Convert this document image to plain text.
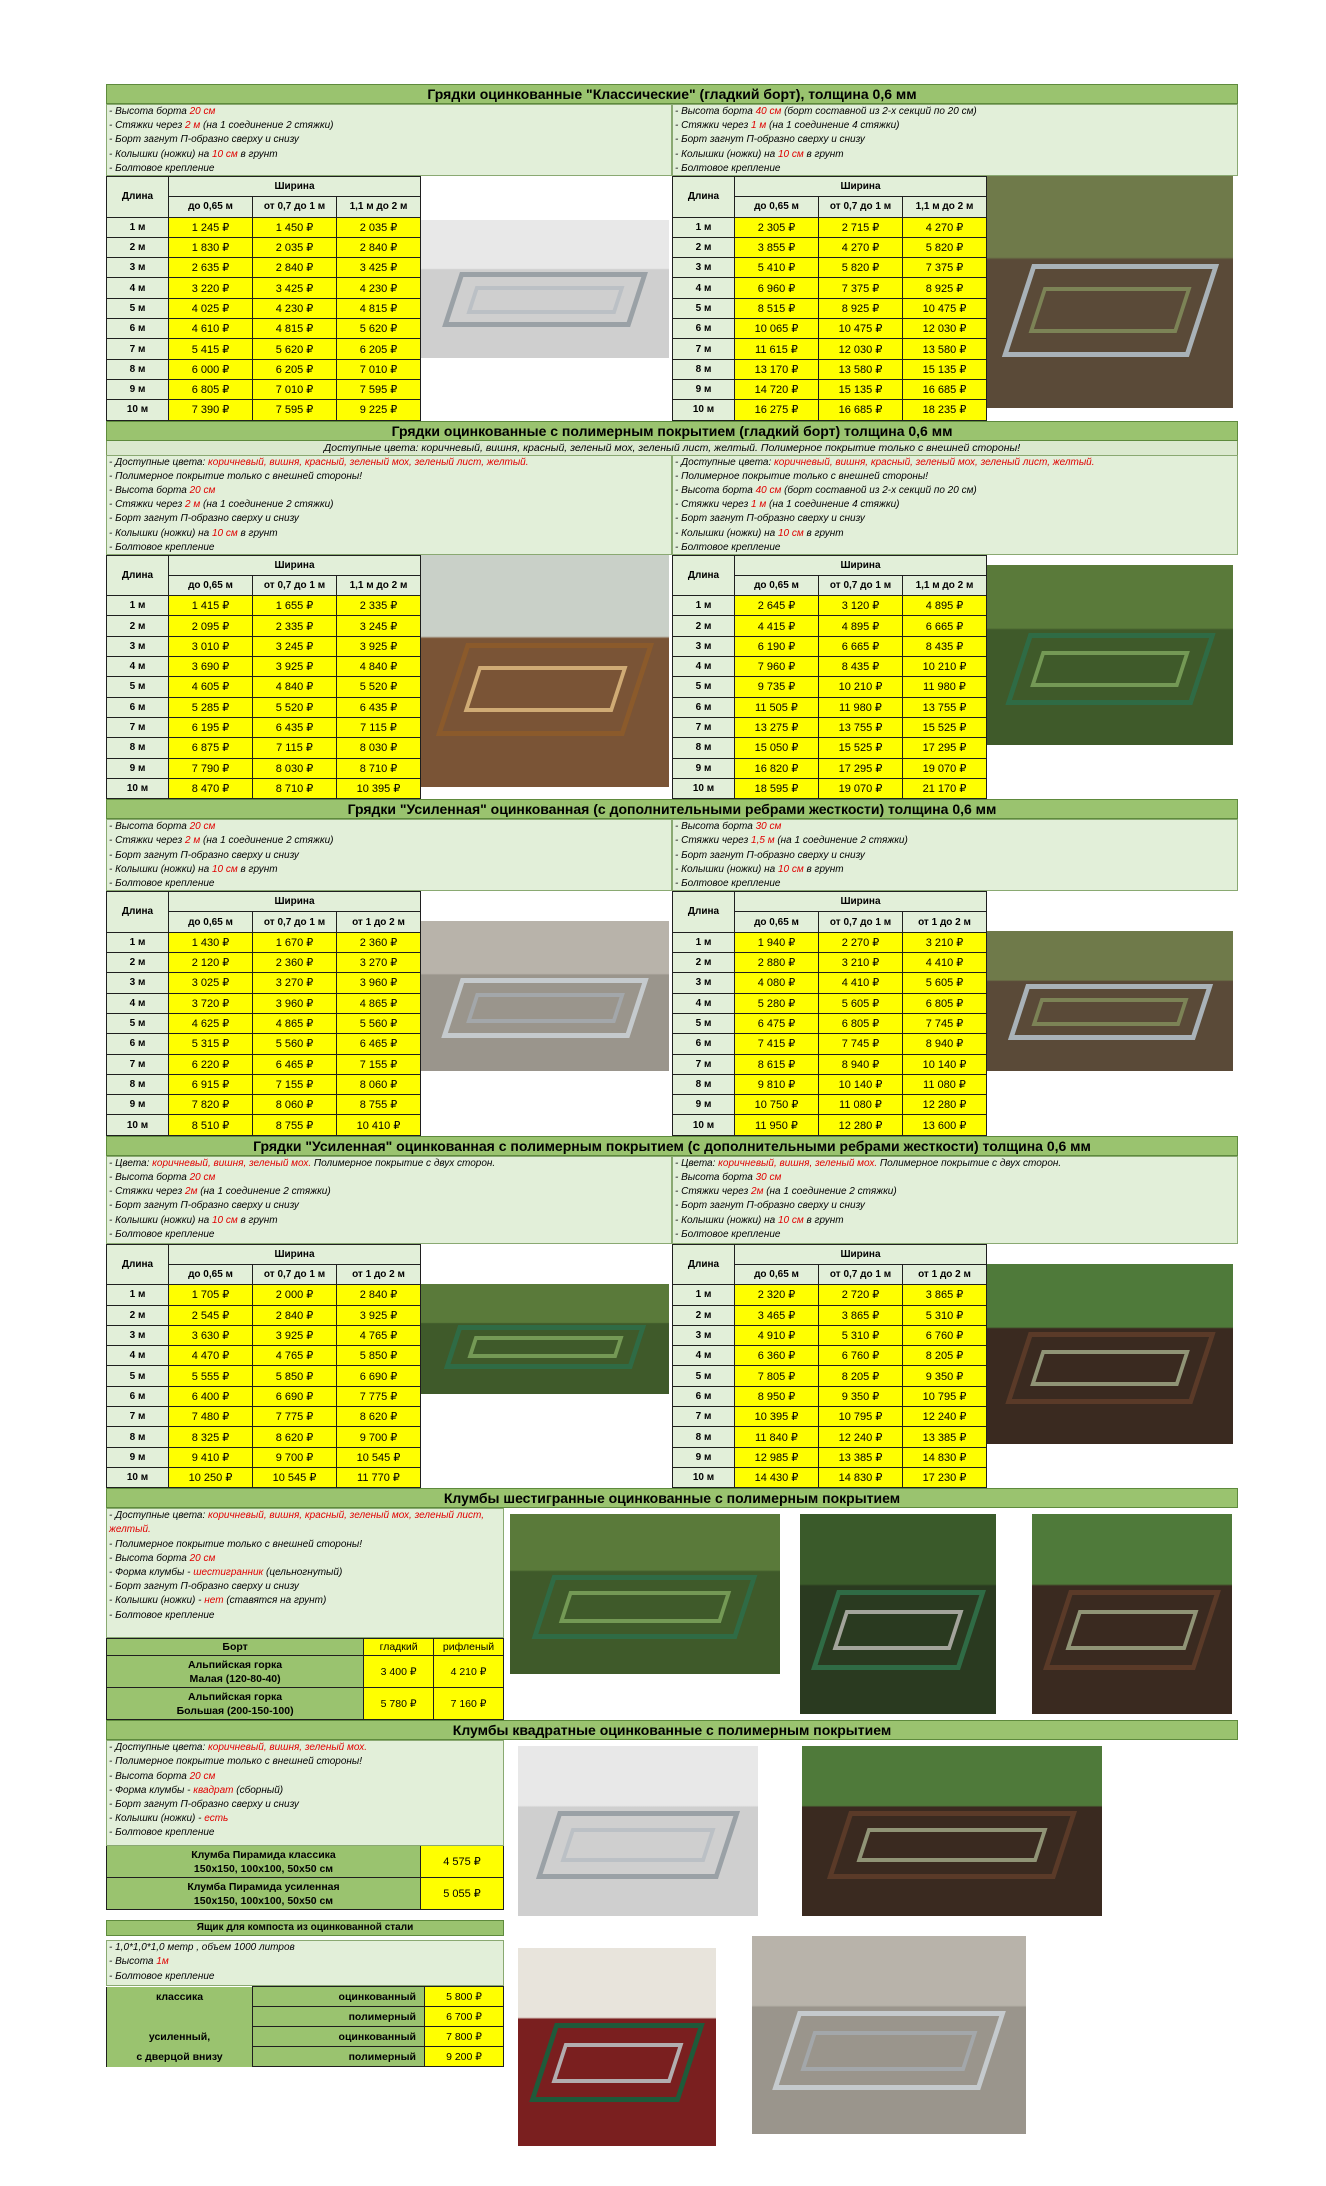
Грядки оцинкованные "Классические" (гладкий борт), толщина 0,6 мм
- Высота борта 20 см
- Стяжки через 2 м (на 1 соединение 2 стяжки)
- Борт загнут П-образно сверху и снизу
- Колышки (ножки) на 10 см в грунт
- Болтовое крепление
- Высота борта 40 см (борт составной из 2-х секций по 20 см)
- Стяжки через 1 м (на 1 соединение 4 стяжки)
- Борт загнут П-образно сверху и снизу
- Колышки (ножки) на 10 см в грунт
- Болтовое крепление
Длина	Ширина		
	до 0,65 м	от 0,7 до 1 м	1,1 м до 2 м
1 м	1 245 ₽	1 450 ₽	2 035 ₽
2 м	1 830 ₽	2 035 ₽	2 840 ₽
3 м	2 635 ₽	2 840 ₽	3 425 ₽
4 м	3 220 ₽	3 425 ₽	4 230 ₽
5 м	4 025 ₽	4 230 ₽	4 815 ₽
6 м	4 610 ₽	4 815 ₽	5 620 ₽
7 м	5 415 ₽	5 620 ₽	6 205 ₽
8 м	6 000 ₽	6 205 ₽	7 010 ₽
9 м	6 805 ₽	7 010 ₽	7 595 ₽
10 м	7 390 ₽	7 595 ₽	9 225 ₽
Длина	Ширина		
	до 0,65 м	от 0,7 до 1 м	1,1 м до 2 м
1 м	2 305 ₽	2 715 ₽	4 270 ₽
2 м	3 855 ₽	4 270 ₽	5 820 ₽
3 м	5 410 ₽	5 820 ₽	7 375 ₽
4 м	6 960 ₽	7 375 ₽	8 925 ₽
5 м	8 515 ₽	8 925 ₽	10 475 ₽
6 м	10 065 ₽	10 475 ₽	12 030 ₽
7 м	11 615 ₽	12 030 ₽	13 580 ₽
8 м	13 170 ₽	13 580 ₽	15 135 ₽
9 м	14 720 ₽	15 135 ₽	16 685 ₽
10 м	16 275 ₽	16 685 ₽	18 235 ₽
Грядки оцинкованные с полимерным покрытием (гладкий борт) толщина 0,6 мм
Доступные цвета: коричневый, вишня, красный, зеленый мох, зеленый лист, желтый. Полимерное покрытие только с внешней стороны!
- Доступные цвета: коричневый, вишня, красный, зеленый мох, зеленый лист, желтый.
- Полимерное покрытие только с внешней стороны!
- Высота борта 20 см
- Стяжки через 2 м (на 1 соединение 2 стяжки)
- Борт загнут П-образно сверху и снизу
- Колышки (ножки) на 10 см в грунт
- Болтовое крепление
- Доступные цвета: коричневый, вишня, красный, зеленый мох, зеленый лист, желтый.
- Полимерное покрытие только с внешней стороны!
- Высота борта 40 см (борт составной из 2-х секций по 20 см)
- Стяжки через 1 м (на 1 соединение 4 стяжки)
- Борт загнут П-образно сверху и снизу
- Колышки (ножки) на 10 см в грунт
- Болтовое крепление
Длина	Ширина		
	до 0,65 м	от 0,7 до 1 м	1,1 м до 2 м
1 м	1 415 ₽	1 655 ₽	2 335 ₽
2 м	2 095 ₽	2 335 ₽	3 245 ₽
3 м	3 010 ₽	3 245 ₽	3 925 ₽
4 м	3 690 ₽	3 925 ₽	4 840 ₽
5 м	4 605 ₽	4 840 ₽	5 520 ₽
6 м	5 285 ₽	5 520 ₽	6 435 ₽
7 м	6 195 ₽	6 435 ₽	7 115 ₽
8 м	6 875 ₽	7 115 ₽	8 030 ₽
9 м	7 790 ₽	8 030 ₽	8 710 ₽
10 м	8 470 ₽	8 710 ₽	10 395 ₽
Длина	Ширина		
	до 0,65 м	от 0,7 до 1 м	1,1 м до 2 м
1 м	2 645 ₽	3 120 ₽	4 895 ₽
2 м	4 415 ₽	4 895 ₽	6 665 ₽
3 м	6 190 ₽	6 665 ₽	8 435 ₽
4 м	7 960 ₽	8 435 ₽	10 210 ₽
5 м	9 735 ₽	10 210 ₽	11 980 ₽
6 м	11 505 ₽	11 980 ₽	13 755 ₽
7 м	13 275 ₽	13 755 ₽	15 525 ₽
8 м	15 050 ₽	15 525 ₽	17 295 ₽
9 м	16 820 ₽	17 295 ₽	19 070 ₽
10 м	18 595 ₽	19 070 ₽	21 170 ₽
Грядки "Усиленная" оцинкованная (с дополнительными ребрами жесткости) толщина 0,6 мм
- Высота борта 20 см
- Стяжки через 2 м (на 1 соединение 2 стяжки)
- Борт загнут П-образно сверху и снизу
- Колышки (ножки) на 10 см в грунт
- Болтовое крепление
- Высота борта 30 см
- Стяжки через 1,5 м (на 1 соединение 2 стяжки)
- Борт загнут П-образно сверху и снизу
- Колышки (ножки) на 10 см в грунт
- Болтовое крепление
Длина	Ширина		
	до 0,65 м	от 0,7 до 1 м	от 1 до 2 м
1 м	1 430 ₽	1 670 ₽	2 360 ₽
2 м	2 120 ₽	2 360 ₽	3 270 ₽
3 м	3 025 ₽	3 270 ₽	3 960 ₽
4 м	3 720 ₽	3 960 ₽	4 865 ₽
5 м	4 625 ₽	4 865 ₽	5 560 ₽
6 м	5 315 ₽	5 560 ₽	6 465 ₽
7 м	6 220 ₽	6 465 ₽	7 155 ₽
8 м	6 915 ₽	7 155 ₽	8 060 ₽
9 м	7 820 ₽	8 060 ₽	8 755 ₽
10 м	8 510 ₽	8 755 ₽	10 410 ₽
Длина	Ширина		
	до 0,65 м	от 0,7 до 1 м	от 1 до 2 м
1 м	1 940 ₽	2 270 ₽	3 210 ₽
2 м	2 880 ₽	3 210 ₽	4 410 ₽
3 м	4 080 ₽	4 410 ₽	5 605 ₽
4 м	5 280 ₽	5 605 ₽	6 805 ₽
5 м	6 475 ₽	6 805 ₽	7 745 ₽
6 м	7 415 ₽	7 745 ₽	8 940 ₽
7 м	8 615 ₽	8 940 ₽	10 140 ₽
8 м	9 810 ₽	10 140 ₽	11 080 ₽
9 м	10 750 ₽	11 080 ₽	12 280 ₽
10 м	11 950 ₽	12 280 ₽	13 600 ₽
Грядки "Усиленная" оцинкованная с полимерным покрытием (с дополнительными ребрами жесткости) толщина 0,6 мм
- Цвета: коричневый, вишня, зеленый мох. Полимерное покрытие с двух сторон.
- Высота борта 20 см
- Стяжки через 2м (на 1 соединение 2 стяжки)
- Борт загнут П-образно сверху и снизу
- Колышки (ножки) на 10 см в грунт
- Болтовое крепление
- Цвета: коричневый, вишня, зеленый мох. Полимерное покрытие с двух сторон.
- Высота борта 30 см
- Стяжки через 2м (на 1 соединение 2 стяжки)
- Борт загнут П-образно сверху и снизу
- Колышки (ножки) на 10 см в грунт
- Болтовое крепление
Длина	Ширина		
	до 0,65 м	от 0,7 до 1 м	от 1 до 2 м
1 м	1 705 ₽	2 000 ₽	2 840 ₽
2 м	2 545 ₽	2 840 ₽	3 925 ₽
3 м	3 630 ₽	3 925 ₽	4 765 ₽
4 м	4 470 ₽	4 765 ₽	5 850 ₽
5 м	5 555 ₽	5 850 ₽	6 690 ₽
6 м	6 400 ₽	6 690 ₽	7 775 ₽
7 м	7 480 ₽	7 775 ₽	8 620 ₽
8 м	8 325 ₽	8 620 ₽	9 700 ₽
9 м	9 410 ₽	9 700 ₽	10 545 ₽
10 м	10 250 ₽	10 545 ₽	11 770 ₽
Длина	Ширина		
	до 0,65 м	от 0,7 до 1 м	от 1 до 2 м
1 м	2 320 ₽	2 720 ₽	3 865 ₽
2 м	3 465 ₽	3 865 ₽	5 310 ₽
3 м	4 910 ₽	5 310 ₽	6 760 ₽
4 м	6 360 ₽	6 760 ₽	8 205 ₽
5 м	7 805 ₽	8 205 ₽	9 350 ₽
6 м	8 950 ₽	9 350 ₽	10 795 ₽
7 м	10 395 ₽	10 795 ₽	12 240 ₽
8 м	11 840 ₽	12 240 ₽	13 385 ₽
9 м	12 985 ₽	13 385 ₽	14 830 ₽
10 м	14 430 ₽	14 830 ₽	17 230 ₽
Клумбы шестигранные оцинкованные с полимерным покрытием
- Доступные цвета: коричневый, вишня, красный, зеленый мох, зеленый лист, желтый.
- Полимерное покрытие только с внешней стороны!
- Высота борта 20 см
- Форма клумбы - шестигранник (цельногнутый)
- Борт загнут П-образно сверху и снизу
- Колышки (ножки) - нет (ставятся на грунт)
- Болтовое крепление
Борт	гладкий	рифленый

Альпийская горка
Малая (120-80-40)	3 400 ₽	4 210 ₽

Альпийская горка
Большая (200-150-100)	5 780 ₽	7 160 ₽
Клумбы квадратные оцинкованные с полимерным покрытием
- Доступные цвета: коричневый, вишня, зеленый мох.
- Полимерное покрытие только с внешней стороны!
- Высота борта 20 см
- Форма клумбы - квадрат (сборный)
- Борт загнут П-образно сверху и снизу
- Колышки (ножки) - есть
- Болтовое крепление
Клумба Пирамида классика
150х150, 100х100, 50х50 см
4 575 ₽
Клумба Пирамида усиленная
150х150, 100х100, 50х50 см
5 055 ₽
Ящик для компоста из оцинкованной стали
- 1,0*1,0*1,0 метр , объем 1000 литров
- Высота 1м
- Болтовое крепление
классика	оцинкованный	5 800 ₽
	полимерный	6 700 ₽
усиленный,	оцинкованный	7 800 ₽
с дверцой внизу	полимерный	9 200 ₽
